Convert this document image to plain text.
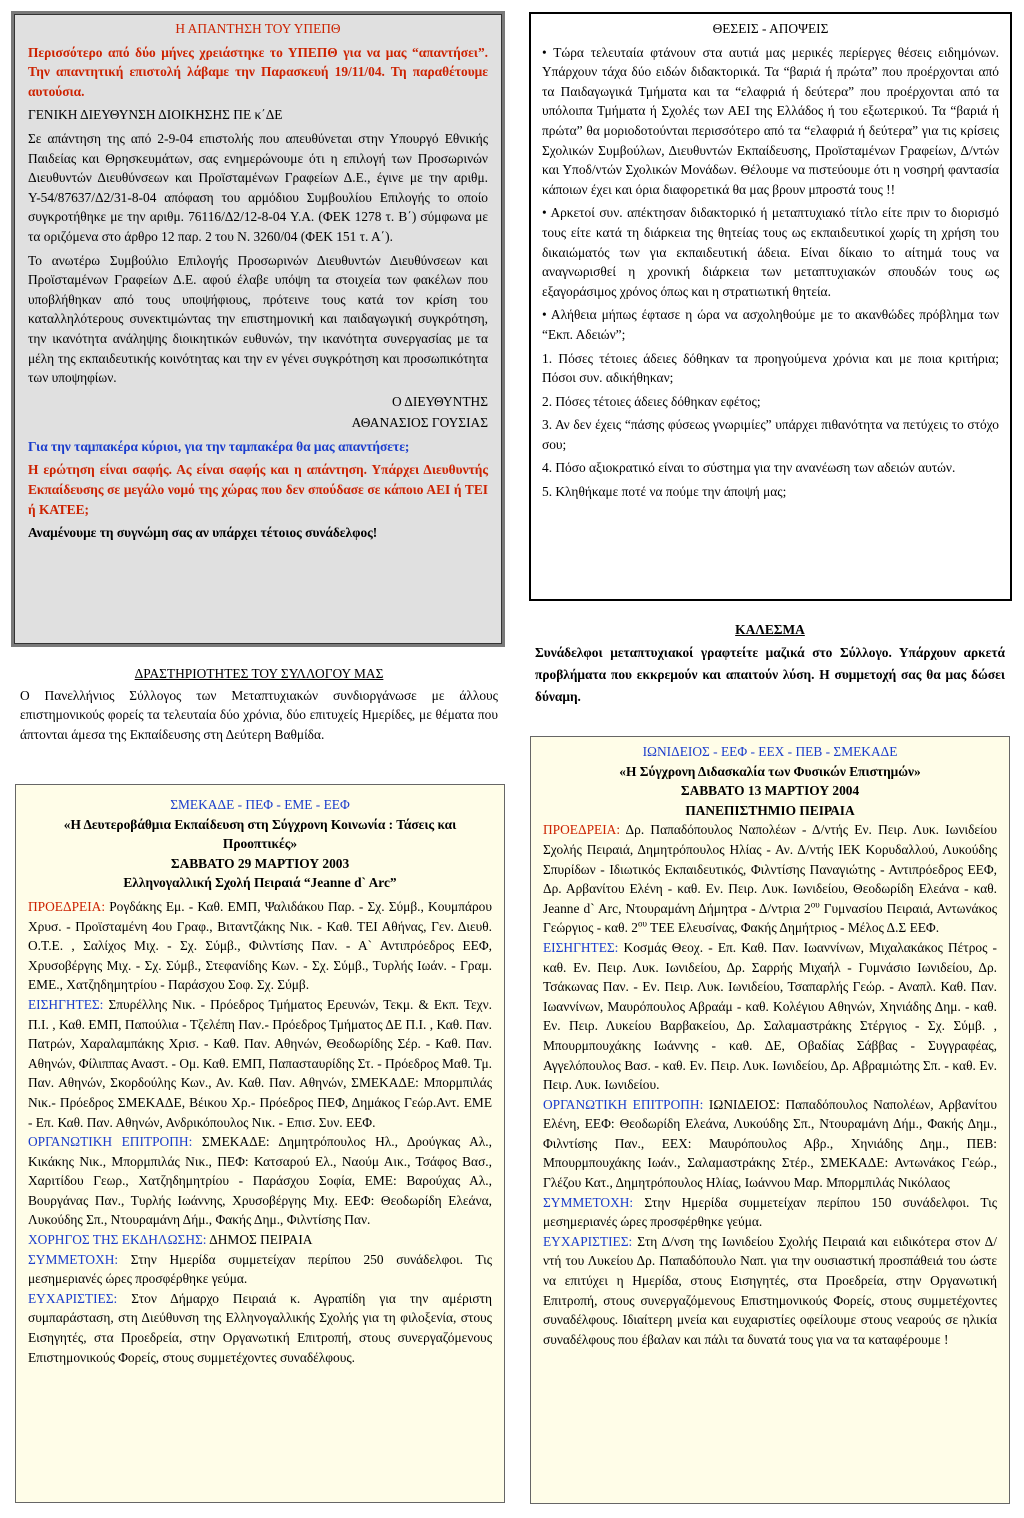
Η ΑΠΑΝΤΗΣΗ ΤΟΥ ΥΠΕΠΘ

Περισσότερο από δύο μήνες χρειάστηκε το ΥΠΕΠΘ για να μας “απαντήσει”. Την απαντητική επιστολή λάβαμε την Παρασκευή 19/11/04. Τη παραθέτουμε αυτούσια.

ΓΕΝΙΚΗ ΔΙΕΥΘΥΝΣΗ ΔΙΟΙΚΗΣΗΣ ΠΕ κ΄ΔΕ

Σε απάντηση της από 2-9-04 επιστολής που απευθύνεται στην Υπουργό Εθνικής Παιδείας και Θρησκευμάτων, σας ενημερώνουμε ότι η επιλογή των Προσωρινών Διευθυντών Διευθύνσεων και Προϊσταμένων Γραφείων Δ.Ε., έγινε με την αριθμ. Υ-54/87637/Δ2/31-8-04 απόφαση του αρμόδιου Συμβουλίου Επιλογής το οποίο συγκροτήθηκε με την αριθμ. 76116/Δ2/12-8-04 Υ.Α. (ΦΕΚ 1278 τ. Β΄) σύμφωνα με τα οριζόμενα στο άρθρο 12 παρ. 2 του Ν. 3260/04 (ΦΕΚ 151 τ. Α΄).

Το ανωτέρω Συμβούλιο Επιλογής Προσωρινών Διευθυντών Διευθύνσεων και Προϊσταμένων Γραφείων Δ.Ε. αφού έλαβε υπόψη τα στοιχεία των φακέλων που υποβλήθηκαν από τους υποψήφιους, πρότεινε τους κατά τον κρίση του καταλληλότερους συνεκτιμώντας την επιστημονική και παιδαγωγική συγκρότηση, την ικανότητα ανάληψης διοικητικών ευθυνών, την ικανότητα συνεργασίας με τα μέλη της εκπαιδευτικής κοινότητας και την εν γένει συγκρότηση και προσωπικότητα των υποψηφίων.

Ο ΔΙΕΥΘΥΝΤΗΣ

ΑΘΑΝΑΣΙΟΣ ΓΟΥΣΙΑΣ

Για την ταμπακέρα κύριοι, για την ταμπακέρα θα μας απαντήσετε;

Η ερώτηση είναι σαφής. Ας είναι σαφής και η απάντηση. Υπάρχει Διευθυντής Εκπαίδευσης σε μεγάλο νομό της χώρας που δεν σπούδασε σε κάποιο ΑΕΙ ή ΤΕΙ ή ΚΑΤΕΕ;

Αναμένουμε τη συγνώμη σας αν υπάρχει τέτοιος συνάδελφος!

ΘΕΣΕΙΣ - ΑΠΟΨΕΙΣ

• Τώρα τελευταία φτάνουν στα αυτιά μας μερικές περίεργες θέσεις ειδημόνων. Υπάρχουν τάχα δύο ειδών διδακτορικά. Τα “βαριά ή πρώτα” που προέρχονται από τα Παιδαγωγικά Τμήματα και τα “ελαφριά ή δεύτερα” που προέρχονται από τα υπόλοιπα Τμήματα ή Σχολές των ΑΕΙ της Ελλάδος ή του εξωτερικού. Τα “βαριά ή πρώτα” θα μοριοδοτούνται περισσότερο από τα “ελαφριά ή δεύτερα” για τις κρίσεις Σχολικών Συμβούλων, Διευθυντών Εκπαίδευσης, Προϊσταμένων Γραφείων, Δ/ντών και Υποδ/ντών Σχολικών Μονάδων. Θέλουμε να πιστεύουμε ότι η νοσηρή φαντασία κάποιων έχει και όρια διαφορετικά θα μας βρουν μπροστά τους !!

• Αρκετοί συν. απέκτησαν διδακτορικό ή μεταπτυχιακό τίτλο είτε πριν το διορισμό τους είτε κατά τη διάρκεια της θητείας τους ως εκπαιδευτικοί χωρίς τη χρήση του δικαιώματός των για εκπαιδευτική άδεια. Είναι δίκαιο το αίτημά τους να αναγνωρισθεί η χρονική διάρκεια των μεταπτυχιακών σπουδών τους ως εξαγοράσιμος χρόνος όπως και η στρατιωτική θητεία.

• Αλήθεια μήπως έφτασε η ώρα να ασχοληθούμε με το ακανθώδες πρόβλημα των “Εκπ. Αδειών”;

1. Πόσες τέτοιες άδειες δόθηκαν τα προηγούμενα χρόνια και με ποια κριτήρια; Πόσοι συν. αδικήθηκαν;

2. Πόσες τέτοιες άδειες δόθηκαν εφέτος;

3. Αν δεν έχεις “πάσης φύσεως γνωριμίες” υπάρχει πιθανότητα να πετύχεις το στόχο σου;

4. Πόσο αξιοκρατικό είναι το σύστημα για την ανανέωση των αδειών αυτών.

5. Κληθήκαμε ποτέ να πούμε την άποψή μας;

ΚΑΛΕΣΜΑ

Συνάδελφοι μεταπτυχιακοί γραφτείτε μαζικά στο Σύλλογο. Υπάρχουν αρκετά προβλήματα που εκκρεμούν και απαιτούν λύση. Η συμμετοχή σας θα μας δώσει δύναμη.

ΔΡΑΣΤΗΡΙΟΤΗΤΕΣ ΤΟΥ ΣΥΛΛΟΓΟΥ ΜΑΣ

Ο Πανελλήνιος Σύλλογος των Μεταπτυχιακών συνδιοργάνωσε με άλλους επιστημονικούς φορείς τα τελευταία δύο χρόνια, δύο επιτυχείς Ημερίδες, με θέματα που άπτονται άμεσα της Εκπαίδευσης στη Δεύτερη Βαθμίδα.

ΣΜΕΚΑΔΕ - ΠΕΦ - ΕΜΕ - ΕΕΦ

«Η Δευτεροβάθμια Εκπαίδευση στη Σύγχρονη Κοινωνία : Τάσεις και Προοπτικές»

ΣΑΒΒΑΤΟ 29 ΜΑΡΤΙΟΥ 2003

Ελληνογαλλική Σχολή Πειραιά “Jeanne d` Arc”

ΠΡΟΕΔΡΕΙΑ: Ρογδάκης Εμ. - Καθ. ΕΜΠ, Ψαλιδάκου Παρ. - Σχ. Σύμβ., Κουμπάρου Χρυσ. - Προϊσταμένη 4ου Γραφ., Βιταντζάκης Νικ. - Καθ. ΤΕΙ Αθήνας, Γεν. Διευθ. Ο.Τ.Ε. , Σαλίχος Μιχ. - Σχ. Σύμβ., Φιλντίσης Παν. - Α` Αντιπρόεδρος ΕΕΦ, Χρυσοβέργης Μιχ. - Σχ. Σύμβ., Στεφανίδης Κων. - Σχ. Σύμβ., Τυρλής Ιωάν. - Γραμ. ΕΜΕ., Χατζηδημητρίου - Παράσχου Σοφ. Σχ. Σύμβ.

ΕΙΣΗΓΗΤΕΣ: Σπυρέλλης Νικ. - Πρόεδρος Τμήματος Ερευνών, Τεκμ. & Εκπ. Τεχν. Π.Ι. , Καθ. ΕΜΠ, Παπούλια - Τζελέπη Παν.- Πρόεδρος Τμήματος ΔΕ Π.Ι. , Καθ. Παν. Πατρών, Χαραλαμπάκης Χρισ. - Καθ. Παν. Αθηνών, Θεοδωρίδης Σέρ. - Καθ. Παν. Αθηνών, Φίλιππας Αναστ. - Ομ. Καθ. ΕΜΠ, Παπασταυρίδης Στ. - Πρόεδρος Μαθ. Τμ. Παν. Αθηνών, Σκορδούλης Κων., Αν. Καθ. Παν. Αθηνών, ΣΜΕΚΑΔΕ: Μπορμπιλάς Νικ.- Πρόεδρος ΣΜΕΚΑΔΕ, Βέικου Χρ.- Πρόεδρος ΠΕΦ, Δημάκος Γεώρ.Αντ. ΕΜΕ - Επ. Καθ. Παν. Αθηνών, Ανδρικόπουλος Νικ. - Επισ. Συν. ΕΕΦ.

ΟΡΓΑΝΩΤΙΚΗ ΕΠΙΤΡΟΠΗ: ΣΜΕΚΑΔΕ: Δημητρόπουλος Ηλ., Δρούγκας Αλ., Κικάκης Νικ., Μπορμπιλάς Νικ., ΠΕΦ: Κατσαρού Ελ., Ναούμ Αικ., Τσάφος Βασ., Χαριτίδου Γεωρ., Χατζηδημητρίου - Παράσχου Σοφία, ΕΜΕ: Βαρούχας Αλ., Βουργάνας Παν., Τυρλής Ιωάννης, Χρυσοβέργης Μιχ. ΕΕΦ: Θεοδωρίδη Ελεάνα, Λυκούδης Σπ., Ντουραμάνη Δήμ., Φακής Δημ., Φιλντίσης Παν.

ΧΟΡΗΓΟΣ ΤΗΣ ΕΚΔΗΛΩΣΗΣ: ΔΗΜΟΣ ΠΕΙΡΑΙΑ

ΣΥΜΜΕΤΟΧΗ: Στην Ημερίδα συμμετείχαν περίπου 250 συνάδελφοι. Τις μεσημεριανές ώρες προσφέρθηκε γεύμα.

ΕΥΧΑΡΙΣΤΙΕΣ: Στον Δήμαρχο Πειραιά κ. Αγραπίδη για την αμέριστη συμπαράσταση, στη Διεύθυνση της Ελληνογαλλικής Σχολής για τη φιλοξενία, στους Εισηγητές, στα Προεδρεία, στην Οργανωτική Επιτροπή, στους συνεργαζόμενους Επιστημονικούς Φορείς, στους συμμετέχοντες συναδέλφους.

ΙΩΝΙΔΕΙΟΣ - ΕΕΦ - ΕΕΧ - ΠΕΒ - ΣΜΕΚΑΔΕ

«Η Σύγχρονη Διδασκαλία των Φυσικών Επιστημών»

ΣΑΒΒΑΤΟ 13 ΜΑΡΤΙΟΥ 2004

ΠΑΝΕΠΙΣΤΗΜΙΟ ΠΕΙΡΑΙΑ

ΠΡΟΕΔΡΕΙΑ: Δρ. Παπαδόπουλος Ναπολέων - Δ/ντής Εν. Πειρ. Λυκ. Ιωνιδείου Σχολής Πειραιά, Δημητρόπουλος Ηλίας - Αν. Δ/ντής ΙΕΚ Κορυδαλλού, Λυκούδης Σπυρίδων - Ιδιωτικός Εκπαιδευτικός, Φιλντίσης Παναγιώτης - Αντιπρόεδρος ΕΕΦ, Δρ. Αρβανίτου Ελένη - καθ. Εν. Πειρ. Λυκ. Ιωνιδείου, Θεοδωρίδη Ελεάνα - καθ. Jeanne d` Arc, Ντουραμάνη Δήμητρα - Δ/ντρια $2^{o\upsilon}$ Γυμνασίου Πειραιά, Αντωνάκος Γεώργιος - καθ. $2^{o\upsilon}$ ΤΕΕ Ελευσίνας, Φακής Δημήτριος - Μέλος Δ.Σ ΕΕΦ.

ΕΙΣΗΓΗΤΕΣ: Κοσμάς Θεοχ. - Επ. Καθ. Παν. Ιωαννίνων, Μιχαλακάκος Πέτρος - καθ. Εν. Πειρ. Λυκ. Ιωνιδείου, Δρ. Σαρρής Μιχαήλ - Γυμνάσιο Ιωνιδείου, Δρ. Τσάκωνας Παν. - Εν. Πειρ. Λυκ. Ιωνιδείου, Τσαπαρλής Γεώρ. - Αναπλ. Καθ. Παν. Ιωαννίνων, Μαυρόπουλος Αβραάμ - καθ. Κολέγιου Αθηνών, Χηνιάδης Δημ. - καθ. Εν. Πειρ. Λυκείου Βαρβακείου, Δρ. Σαλαμαστράκης Στέργιος - Σχ. Σύμβ. , Μπουρμπουχάκης Ιωάννης - καθ. ΔΕ, Οβαδίας Σάββας - Συγγραφέας, Αγγελόπουλος Βασ. - καθ. Εν. Πειρ. Λυκ. Ιωνιδείου, Δρ. Αβραμιώτης Σπ. - καθ. Εν. Πειρ. Λυκ. Ιωνιδείου.

ΟΡΓΑΝΩΤΙΚΗ ΕΠΙΤΡΟΠΗ: ΙΩΝΙΔΕΙΟΣ: Παπαδόπουλος Ναπολέων, Αρβανίτου Ελένη, ΕΕΦ: Θεοδωρίδη Ελεάνα, Λυκούδης Σπ., Ντουραμάνη Δήμ., Φακής Δημ., Φιλντίσης Παν., ΕΕΧ: Μαυρόπουλος Αβρ., Χηνιάδης Δημ., ΠΕΒ: Μπουρμπουχάκης Ιωάν., Σαλαμαστράκης Στέρ., ΣΜΕΚΑΔΕ: Αντωνάκος Γεώρ., Γλέζου Κατ., Δημητρόπουλος Ηλίας, Ιωάννου Μαρ. Μπορμπιλάς Νικόλαος

ΣΥΜΜΕΤΟΧΗ: Στην Ημερίδα συμμετείχαν περίπου 150 συνάδελφοι. Τις μεσημεριανές ώρες προσφέρθηκε γεύμα.

ΕΥΧΑΡΙΣΤΙΕΣ: Στη Δ/νση της Ιωνιδείου Σχολής Πειραιά και ειδικότερα στον Δ/ντή του Λυκείου Δρ. Παπαδόπουλο Ναπ. για την ουσιαστική προσπάθειά του ώστε να επιτύχει η Ημερίδα, στους Εισηγητές, στα Προεδρεία, στην Οργανωτική Επιτροπή, στους συνεργαζόμενους Επιστημονικούς Φορείς, στους συμμετέχοντες συναδέλφους. Ιδιαίτερη μνεία και ευχαριστίες οφείλουμε στους νεαρούς σε ηλικία συναδέλφους που έβαλαν και πάλι τα δυνατά τους για να τα καταφέρουμε !
